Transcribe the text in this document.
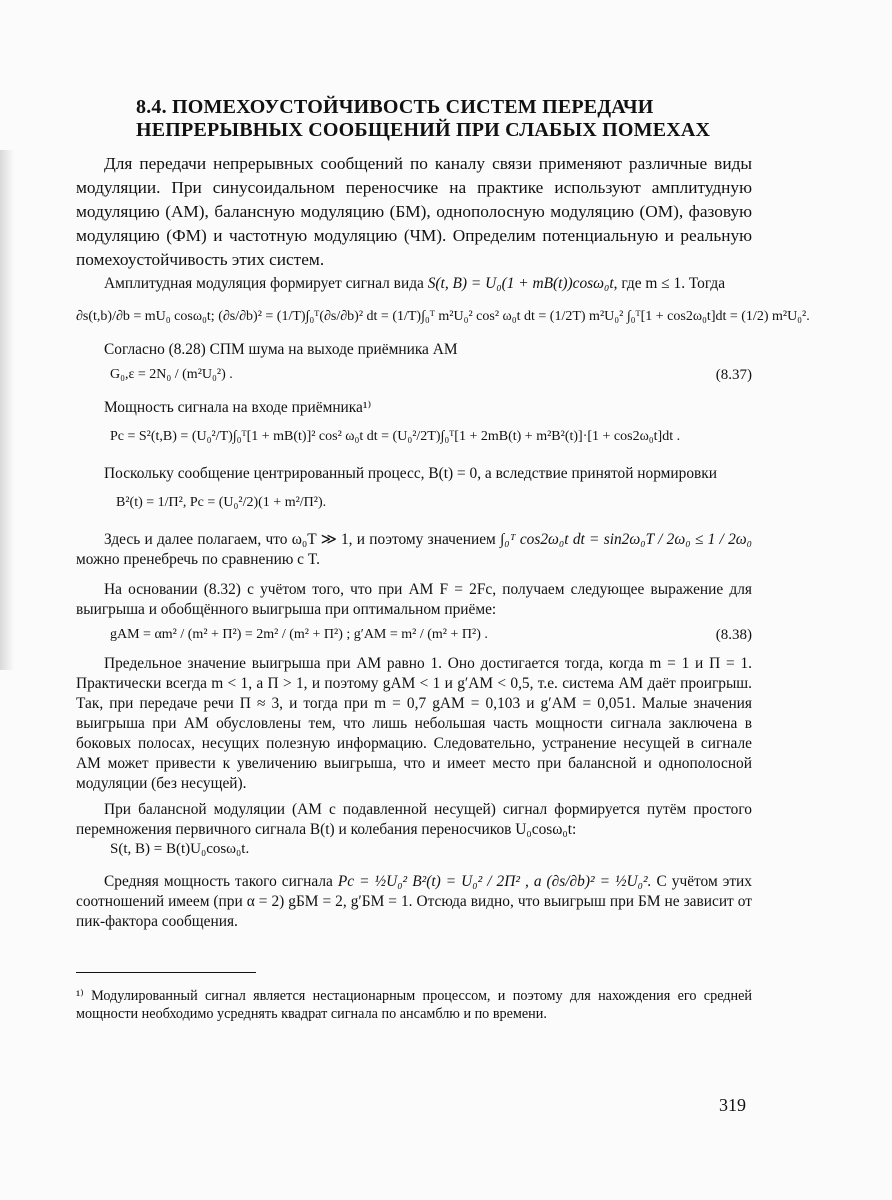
8.4. ПОМЕХОУСТОЙЧИВОСТЬ СИСТЕМ ПЕРЕДАЧИ
НЕПРЕРЫВНЫХ СООБЩЕНИЙ ПРИ СЛАБЫХ ПОМЕХАХ

Для передачи непрерывных сообщений по каналу связи применяют различные виды модуляции. При синусоидальном переносчике на практике используют амплитудную модуляцию (АМ), балансную модуляцию (БМ), однополосную модуляцию (ОМ), фазовую модуляцию (ФМ) и частотную модуляцию (ЧМ). Определим потенциальную и реальную помехоустойчивость этих систем.

Амплитудная модуляция формирует сигнал вида S(t, B) = U₀(1 + mB(t))cosω₀t, где m ≤ 1. Тогда

∂s(t,b)/∂b = mU₀ cosω₀t; (∂s/∂b)² = (1/T)∫₀ᵀ(∂s/∂b)² dt = (1/T)∫₀ᵀ m²U₀² cos² ω₀t dt = (1/2T) m²U₀² ∫₀ᵀ[1 + cos2ω₀t]dt = (1/2) m²U₀².

Согласно (8.28) СПМ шума на выходе приёмника АМ

G₀,ε = 2N₀ / (m²U₀²) .	(8.37)

Мощность сигнала на входе приёмника¹⁾

Pс = S²(t,B) = (U₀²/T)∫₀ᵀ[1 + mB(t)]² cos² ω₀t dt = (U₀²/2T)∫₀ᵀ[1 + 2mB(t) + m²B²(t)]·[1 + cos2ω₀t]dt .

Поскольку сообщение центрированный процесс, B(t) = 0, а вследствие принятой нормировки

B²(t) = 1/Π², Pс = (U₀²/2)(1 + m²/Π²).

Здесь и далее полагаем, что ω₀T ≫ 1, и поэтому значением ∫₀ᵀ cos2ω₀t dt = sin2ω₀T / 2ω₀ ≤ 1 / 2ω₀ можно пренебречь по сравнению с T.

На основании (8.32) с учётом того, что при АМ F = 2Fc, получаем следующее выражение для выигрыша и обобщённого выигрыша при оптимальном приёме:

gАМ = αm² / (m² + Π²) = 2m² / (m² + Π²) ; g′АМ = m² / (m² + Π²) .	(8.38)

Предельное значение выигрыша при АМ равно 1. Оно достигается тогда, когда m = 1 и Π = 1. Практически всегда m < 1, а Π > 1, и поэтому gАМ < 1 и g′АМ < 0,5, т.е. система АМ даёт проигрыш. Так, при передаче речи Π ≈ 3, и тогда при m = 0,7 gАМ = 0,103 и g′АМ = 0,051. Малые значения выигрыша при АМ обусловлены тем, что лишь небольшая часть мощности сигнала заключена в боковых полосах, несущих полезную информацию. Следовательно, устранение несущей в сигнале АМ может привести к увеличению выигрыша, что и имеет место при балансной и однополосной модуляции (без несущей).

При балансной модуляции (АМ с подавленной несущей) сигнал формируется путём простого перемножения первичного сигнала B(t) и колебания переносчиков U₀cosω₀t:

S(t, B) = B(t)U₀cosω₀t.

Средняя мощность такого сигнала Pс = ½U₀² B²(t) = U₀² / 2Π² , а (∂s/∂b)² = ½U₀². С учётом этих соотношений имеем (при α = 2) gБМ = 2, g′БМ = 1. Отсюда видно, что выигрыш при БМ не зависит от пик-фактора сообщения.

¹⁾ Модулированный сигнал является нестационарным процессом, и поэтому для нахождения его средней мощности необходимо усреднять квадрат сигнала по ансамблю и по времени.

319
